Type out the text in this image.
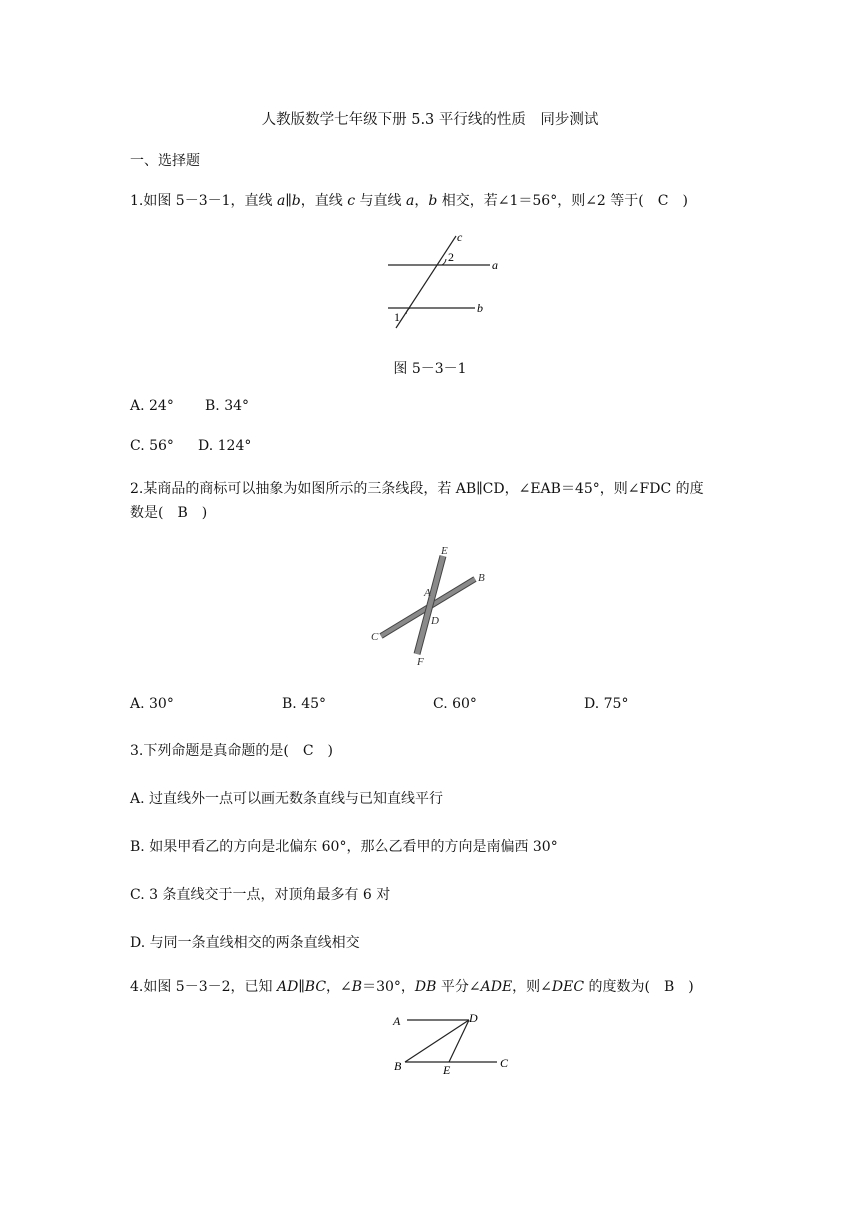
人教版数学七年级下册 5.3 平行线的性质　同步测试
一、选择题
1.如图 5－3－1，直线 a∥b，直线 c 与直线 a，b 相交，若∠1＝56°，则∠2 等于(　C　)
c
a
b
2
1
图 5－3－1
A. 24° B. 34°
C. 56° D. 124°
2.某商品的商标可以抽象为如图所示的三条线段，若 AB∥CD，∠EAB＝45°，则∠FDC 的度
数是(　B　)
E
B
A
D
C
F
A. 30°	B. 45°	C. 60°	D. 75°
3.下列命题是真命题的是(　C　)
A. 过直线外一点可以画无数条直线与已知直线平行
B. 如果甲看乙的方向是北偏东 60°，那么乙看甲的方向是南偏西 30°
C. 3 条直线交于一点，对顶角最多有 6 对
D. 与同一条直线相交的两条直线相交
4.如图 5－3－2，已知 AD∥BC，∠B＝30°，DB 平分∠ADE，则∠DEC 的度数为(　B　)
A	D
B	E	C
